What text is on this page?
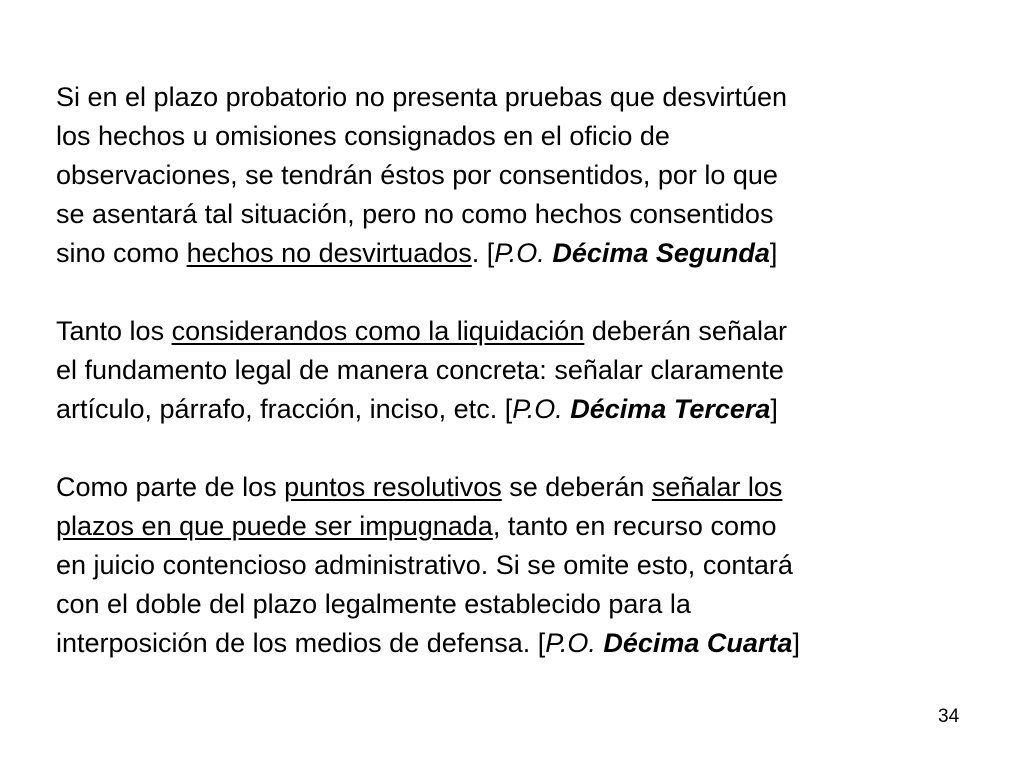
Si en el plazo probatorio no presenta pruebas que desvirtúen
los hechos u omisiones consignados en el oficio de
observaciones, se tendrán éstos por consentidos, por lo que
se asentará tal situación, pero no como hechos consentidos
sino como hechos no desvirtuados. [P.O. Décima Segunda]

Tanto los considerandos como la liquidación deberán señalar
el fundamento legal de manera concreta: señalar claramente
artículo, párrafo, fracción, inciso, etc. [P.O. Décima Tercera]

Como parte de los puntos resolutivos se deberán señalar los
plazos en que puede ser impugnada, tanto en recurso como
en juicio contencioso administrativo. Si se omite esto, contará
con el doble del plazo legalmente establecido para la
interposición de los medios de defensa. [P.O. Décima Cuarta]

34
